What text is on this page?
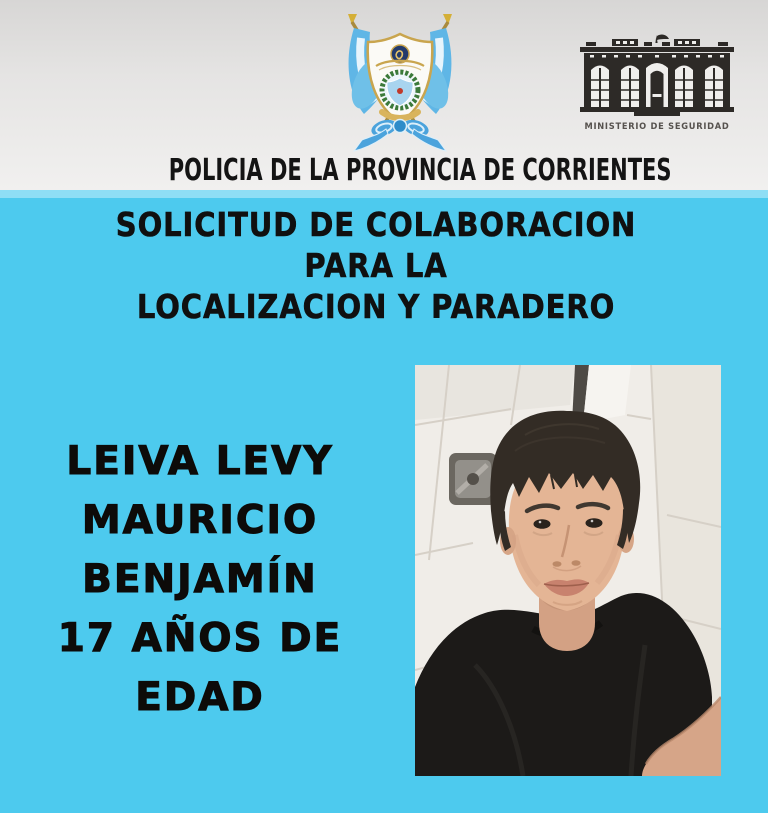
MINISTERIO DE SEGURIDAD
POLICIA DE LA PROVINCIA DE CORRIENTES
SOLICITUD DE COLABORACION
PARA LA
LOCALIZACION Y PARADERO
LEIVA LEVY
MAURICIO
BENJAMÍN
17 AÑOS DE
EDAD
